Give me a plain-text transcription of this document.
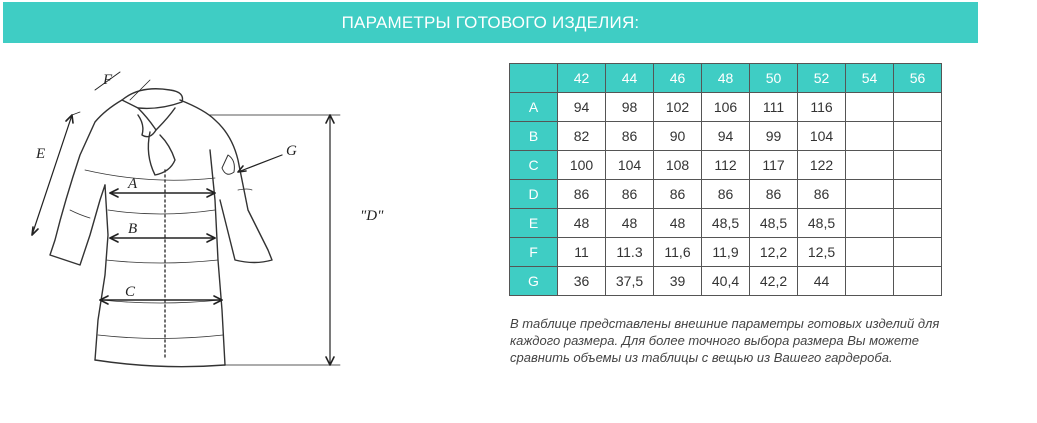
ПАРАМЕТРЫ ГОТОВОГО ИЗДЕЛИЯ:
A
B
C
"D"
E
F
G
	42	44	46	48	50	52	54	56
A	94	98	102	106	111	116		
B	82	86	90	94	99	104		
C	100	104	108	112	117	122		
D	86	86	86	86	86	86		
E	48	48	48	48,5	48,5	48,5		
F	11	11.3	11,6	11,9	12,2	12,5		
G	36	37,5	39	40,4	42,2	44		
В таблице представлены внешние параметры готовых изделий для каждого размера. Для более точного выбора размера Вы можете сравнить объемы из таблицы с вещью из Вашего гардероба.
